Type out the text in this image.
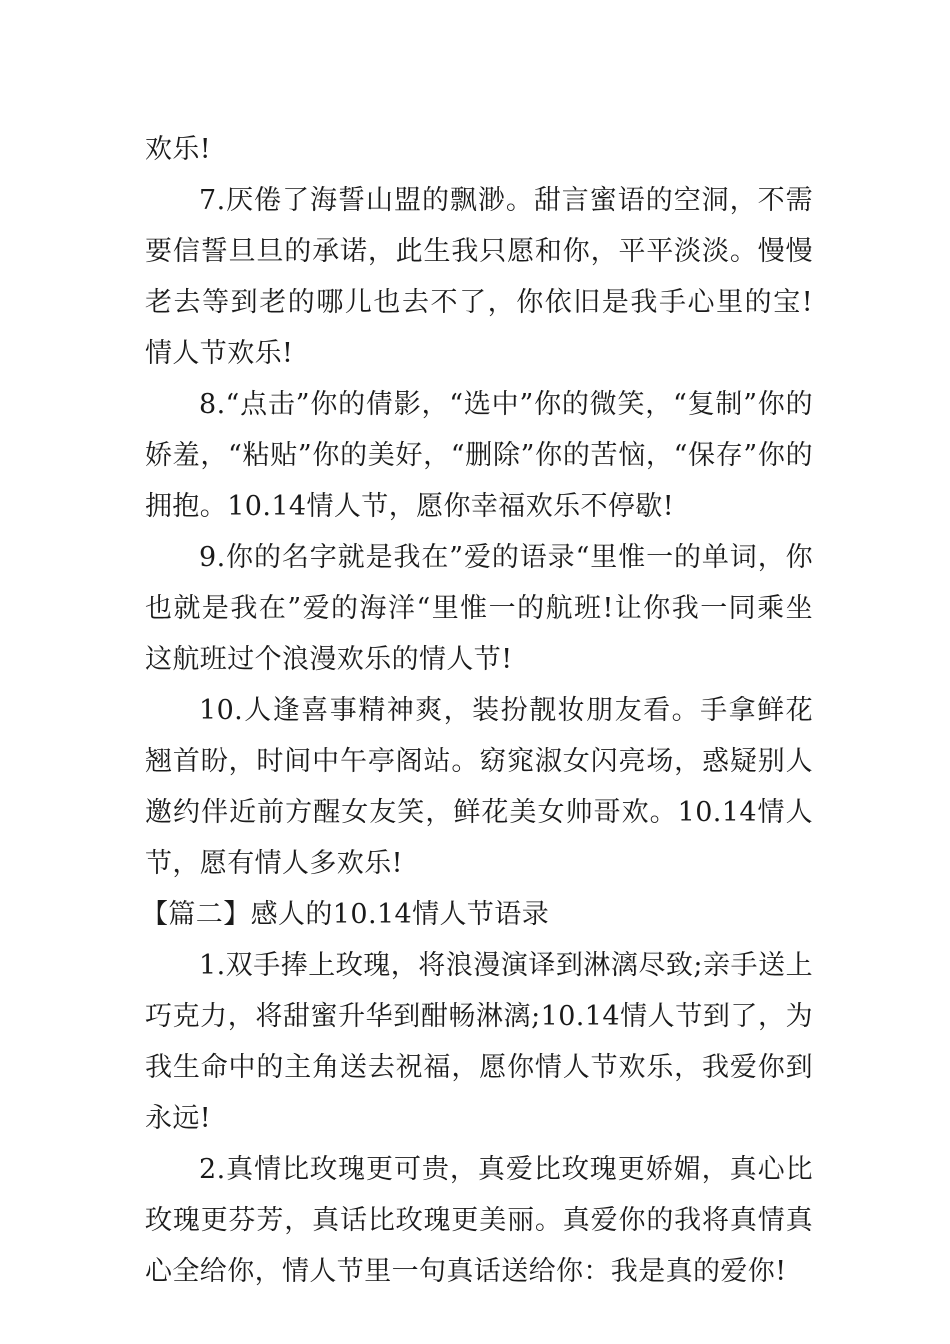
欢乐!

7.厌倦了海誓山盟的飘渺。甜言蜜语的空洞，不需要信誓旦旦的承诺，此生我只愿和你，平平淡淡。慢慢老去等到老的哪儿也去不了，你依旧是我手心里的宝!情人节欢乐!

8.“点击”你的倩影，“选中”你的微笑，“复制”你的娇羞，“粘贴”你的美好，“删除”你的苦恼，“保存”你的拥抱。10.14情人节，愿你幸福欢乐不停歇!

9.你的名字就是我在”爱的语录“里惟一的单词，你也就是我在”爱的海洋“里惟一的航班!让你我一同乘坐这航班过个浪漫欢乐的情人节!

10.人逢喜事精神爽，装扮靓妆朋友看。手拿鲜花翘首盼，时间中午亭阁站。窈窕淑女闪亮场，惑疑别人邀约伴近前方醒女友笑，鲜花美女帅哥欢。10.14情人节，愿有情人多欢乐!

【篇二】感人的10.14情人节语录

1.双手捧上玫瑰，将浪漫演译到淋漓尽致;亲手送上巧克力，将甜蜜升华到酣畅淋漓;10.14情人节到了，为我生命中的主角送去祝福，愿你情人节欢乐，我爱你到永远!

2.真情比玫瑰更可贵，真爱比玫瑰更娇媚，真心比玫瑰更芬芳，真话比玫瑰更美丽。真爱你的我将真情真心全给你，情人节里一句真话送给你：我是真的爱你!
